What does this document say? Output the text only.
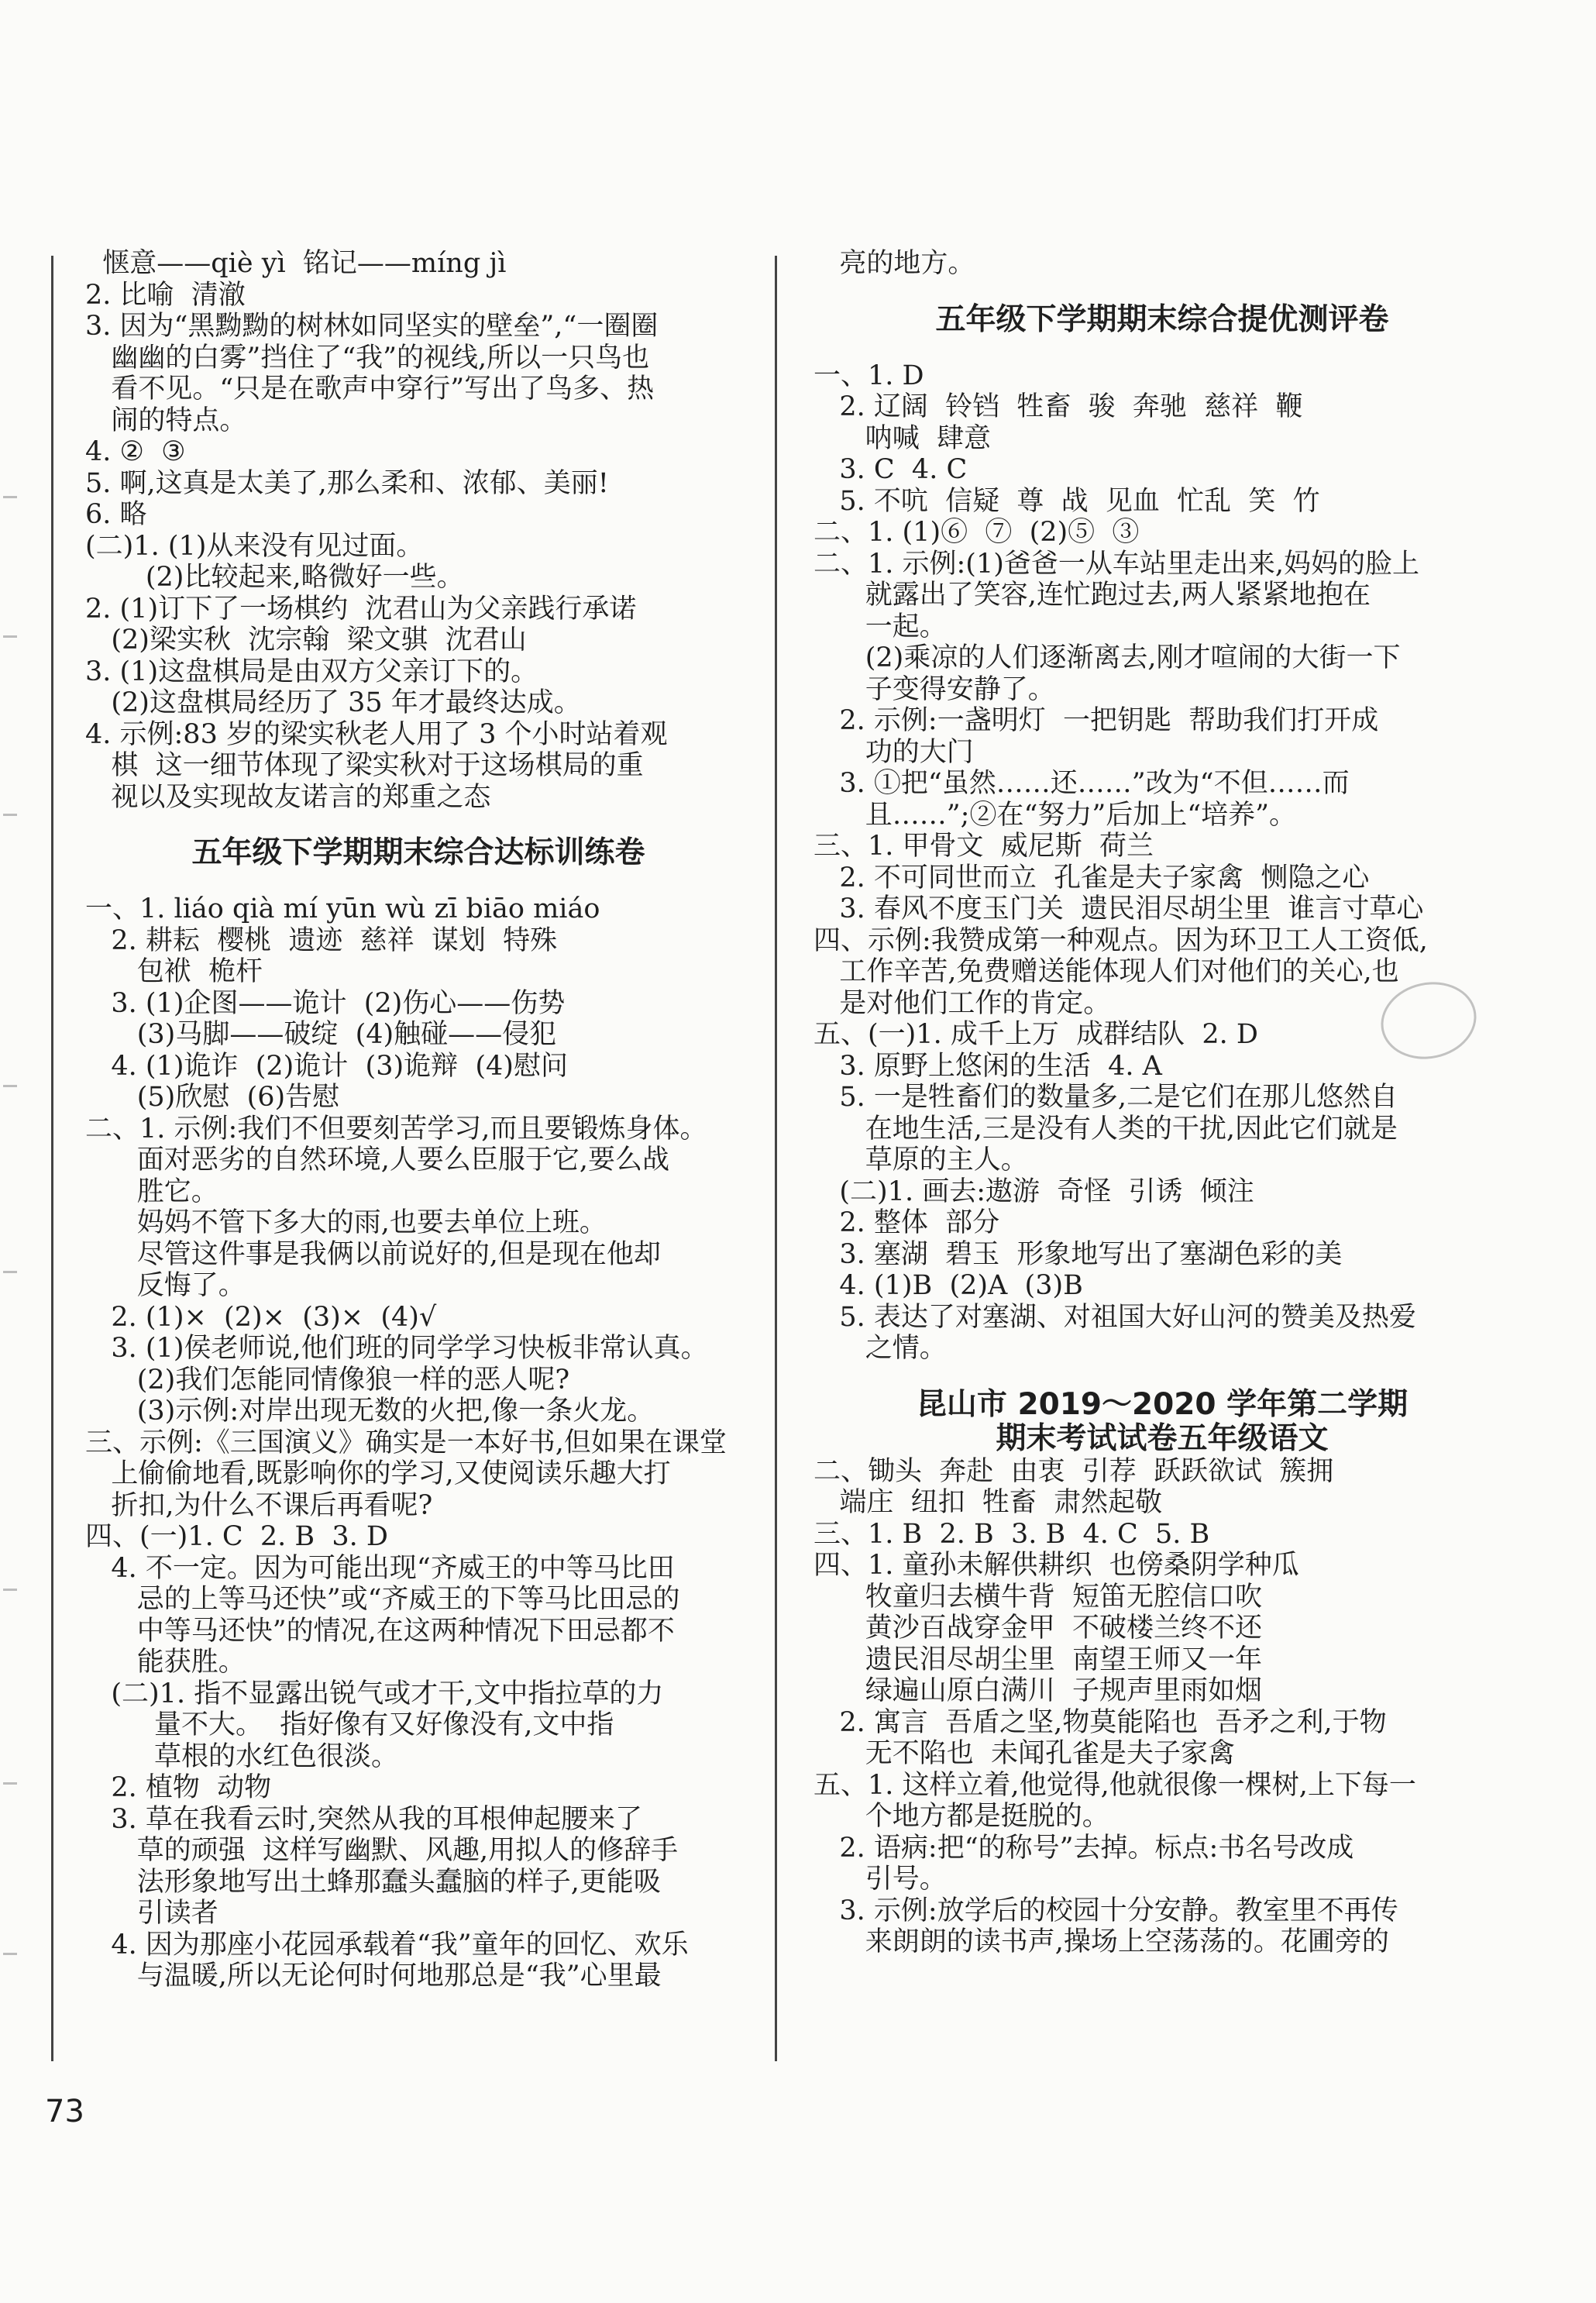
惬意——qiè yì  铭记——míng jì
2. 比喻  清澈
3. 因为“黑黝黝的树林如同坚实的壁垒”,“一圈圈
幽幽的白雾”挡住了“我”的视线,所以一只鸟也
看不见。“只是在歌声中穿行”写出了鸟多、热
闹的特点。
4. ②  ③
5. 啊,这真是太美了,那么柔和、浓郁、美丽!
6. 略
(二)1. (1)从来没有见过面。
(2)比较起来,略微好一些。
2. (1)订下了一场棋约  沈君山为父亲践行承诺
(2)梁实秋  沈宗翰  梁文骐  沈君山
3. (1)这盘棋局是由双方父亲订下的。
(2)这盘棋局经历了 35 年才最终达成。
4. 示例:83 岁的梁实秋老人用了 3 个小时站着观
棋  这一细节体现了梁实秋对于这场棋局的重
视以及实现故友诺言的郑重之态
五年级下学期期末综合达标训练卷
一、1. liáo qià mí yūn wù zī biāo miáo
2. 耕耘  樱桃  遗迹  慈祥  谋划  特殊
包袱  桅杆
3. (1)企图——诡计  (2)伤心——伤势
(3)马脚——破绽  (4)触碰——侵犯
4. (1)诡诈  (2)诡计  (3)诡辩  (4)慰问
(5)欣慰  (6)告慰
二、1. 示例:我们不但要刻苦学习,而且要锻炼身体。
面对恶劣的自然环境,人要么臣服于它,要么战
胜它。
妈妈不管下多大的雨,也要去单位上班。
尽管这件事是我俩以前说好的,但是现在他却
反悔了。
2. (1)×  (2)×  (3)×  (4)√
3. (1)侯老师说,他们班的同学学习快板非常认真。
(2)我们怎能同情像狼一样的恶人呢?
(3)示例:对岸出现无数的火把,像一条火龙。
三、示例:《三国演义》确实是一本好书,但如果在课堂
上偷偷地看,既影响你的学习,又使阅读乐趣大打
折扣,为什么不课后再看呢?
四、(一)1. C  2. B  3. D
4. 不一定。因为可能出现“齐威王的中等马比田
忌的上等马还快”或“齐威王的下等马比田忌的
中等马还快”的情况,在这两种情况下田忌都不
能获胜。
(二)1. 指不显露出锐气或才干,文中指拉草的力
量不大。  指好像有又好像没有,文中指
草根的水红色很淡。
2. 植物  动物
3. 草在我看云时,突然从我的耳根伸起腰来了
草的顽强  这样写幽默、风趣,用拟人的修辞手
法形象地写出土蜂那蠢头蠢脑的样子,更能吸
引读者
4. 因为那座小花园承载着“我”童年的回忆、欢乐
与温暖,所以无论何时何地那总是“我”心里最
亮的地方。
五年级下学期期末综合提优测评卷
一、1. D
2. 辽阔  铃铛  牲畜  骏  奔驰  慈祥  鞭
呐喊  肆意
3. C  4. C
5. 不吭  信疑  尊  战  见血  忙乱  笑  竹
二、1. (1)⑥  ⑦  (2)⑤  ③
二、1. 示例:(1)爸爸一从车站里走出来,妈妈的脸上
就露出了笑容,连忙跑过去,两人紧紧地抱在
一起。
(2)乘凉的人们逐渐离去,刚才喧闹的大街一下
子变得安静了。
2. 示例:一盏明灯  一把钥匙  帮助我们打开成
功的大门
3. ①把“虽然……还……”改为“不但……而
且……”;②在“努力”后加上“培养”。
三、1. 甲骨文  威尼斯  荷兰
2. 不可同世而立  孔雀是夫子家禽  恻隐之心
3. 春风不度玉门关  遗民泪尽胡尘里  谁言寸草心
四、示例:我赞成第一种观点。因为环卫工人工资低,
工作辛苦,免费赠送能体现人们对他们的关心,也
是对他们工作的肯定。
五、(一)1. 成千上万  成群结队  2. D
3. 原野上悠闲的生活  4. A
5. 一是牲畜们的数量多,二是它们在那儿悠然自
在地生活,三是没有人类的干扰,因此它们就是
草原的主人。
(二)1. 画去:遨游  奇怪  引诱  倾注
2. 整体  部分
3. 塞湖  碧玉  形象地写出了塞湖色彩的美
4. (1)B  (2)A  (3)B
5. 表达了对塞湖、对祖国大好山河的赞美及热爱
之情。
昆山市 2019～2020 学年第二学期
期末考试试卷五年级语文
二、锄头  奔赴  由衷  引荐  跃跃欲试  簇拥
端庄  纽扣  牲畜  肃然起敬
三、1. B  2. B  3. B  4. C  5. B
四、1. 童孙未解供耕织  也傍桑阴学种瓜
牧童归去横牛背  短笛无腔信口吹
黄沙百战穿金甲  不破楼兰终不还
遗民泪尽胡尘里  南望王师又一年
绿遍山原白满川  子规声里雨如烟
2. 寓言  吾盾之坚,物莫能陷也  吾矛之利,于物
无不陷也  未闻孔雀是夫子家禽
五、1. 这样立着,他觉得,他就很像一棵树,上下每一
个地方都是挺脱的。
2. 语病:把“的称号”去掉。标点:书名号改成
引号。
3. 示例:放学后的校园十分安静。教室里不再传
来朗朗的读书声,操场上空荡荡的。花圃旁的
73
